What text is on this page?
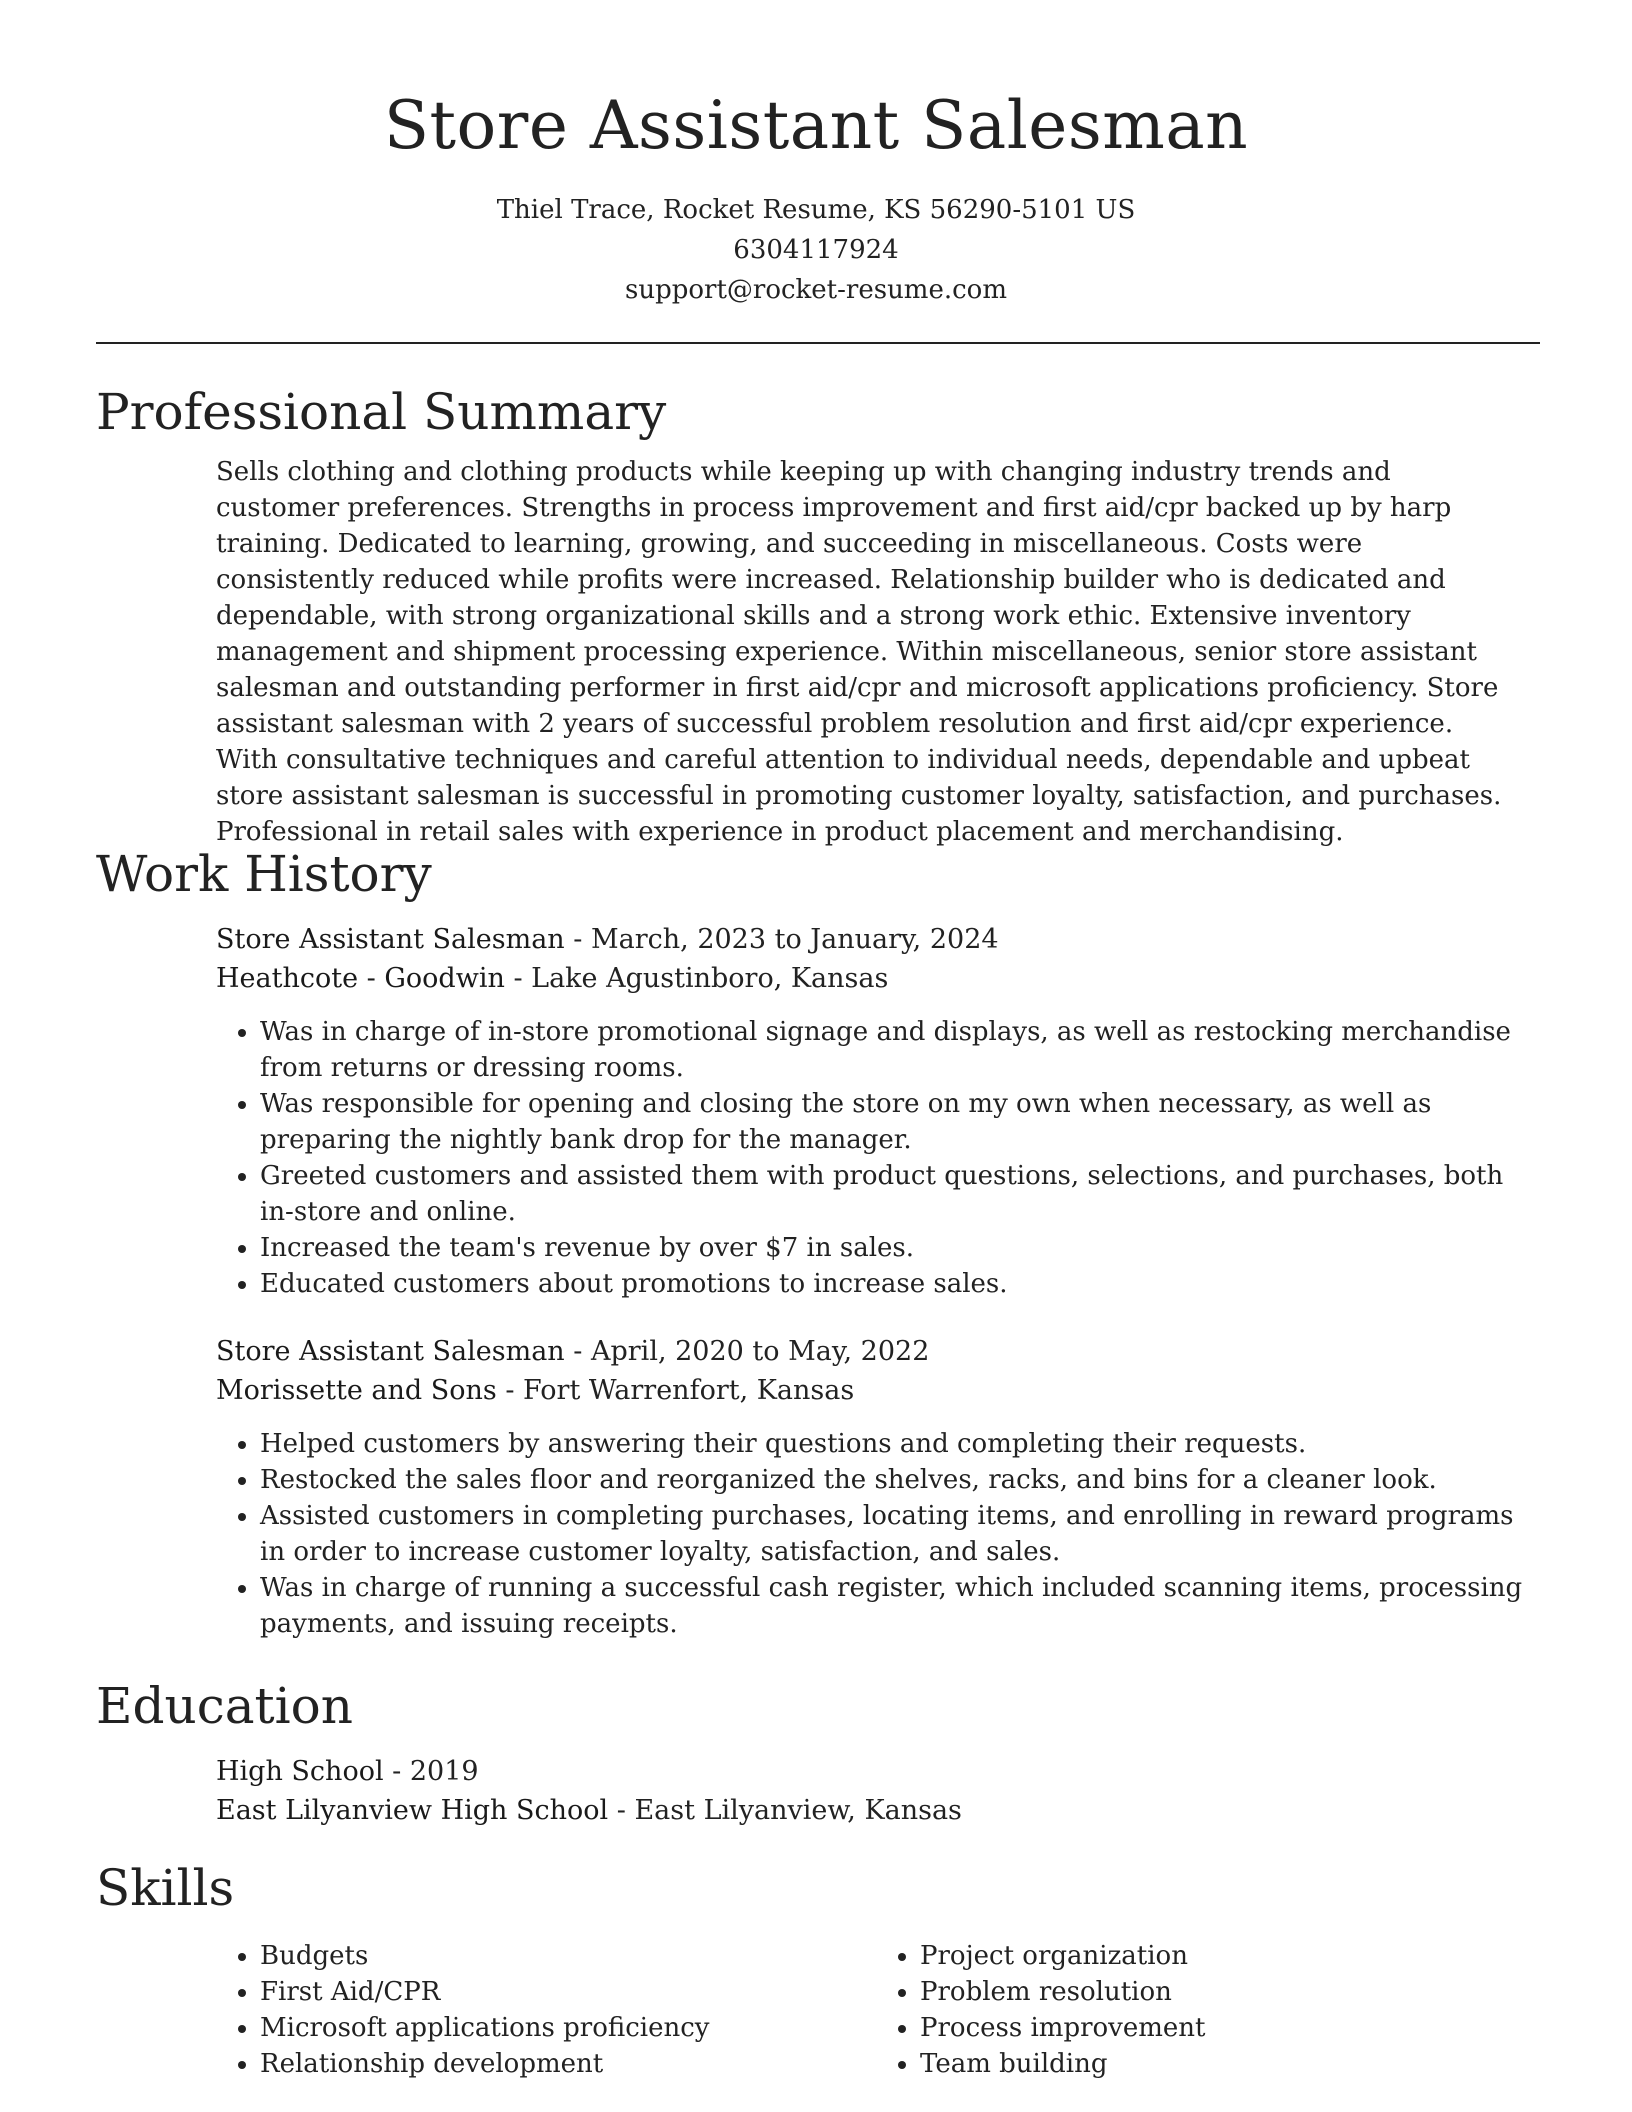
Store Assistant Salesman
Thiel Trace, Rocket Resume, KS 56290-5101 US
6304117924
support@rocket-resume.com
Professional Summary
Sells clothing and clothing products while keeping up with changing industry trends and customer preferences. Strengths in process improvement and first aid/cpr backed up by harp training. Dedicated to learning, growing, and succeeding in miscellaneous. Costs were consistently reduced while profits were increased. Relationship builder who is dedicated and dependable, with strong organizational skills and a strong work ethic. Extensive inventory management and shipment processing experience. Within miscellaneous, senior store assistant salesman and outstanding performer in first aid/cpr and microsoft applications proficiency. Store assistant salesman with 2 years of successful problem resolution and first aid/cpr experience. With consultative techniques and careful attention to individual needs, dependable and upbeat store assistant salesman is successful in promoting customer loyalty, satisfaction, and purchases. Professional in retail sales with experience in product placement and merchandising.
Work History
Store Assistant Salesman - March, 2023 to January, 2024
Heathcote - Goodwin - Lake Agustinboro, Kansas
• Was in charge of in-store promotional signage and displays, as well as restocking merchandise from returns or dressing rooms.
• Was responsible for opening and closing the store on my own when necessary, as well as preparing the nightly bank drop for the manager.
• Greeted customers and assisted them with product questions, selections, and purchases, both in-store and online.
• Increased the team's revenue by over $7 in sales.
• Educated customers about promotions to increase sales.
Store Assistant Salesman - April, 2020 to May, 2022
Morissette and Sons - Fort Warrenfort, Kansas
• Helped customers by answering their questions and completing their requests.
• Restocked the sales floor and reorganized the shelves, racks, and bins for a cleaner look.
• Assisted customers in completing purchases, locating items, and enrolling in reward programs in order to increase customer loyalty, satisfaction, and sales.
• Was in charge of running a successful cash register, which included scanning items, processing payments, and issuing receipts.
Education
High School - 2019
East Lilyanview High School - East Lilyanview, Kansas
Skills
• Budgets
• First Aid/CPR
• Microsoft applications proficiency
• Relationship development
• Project organization
• Problem resolution
• Process improvement
• Team building
